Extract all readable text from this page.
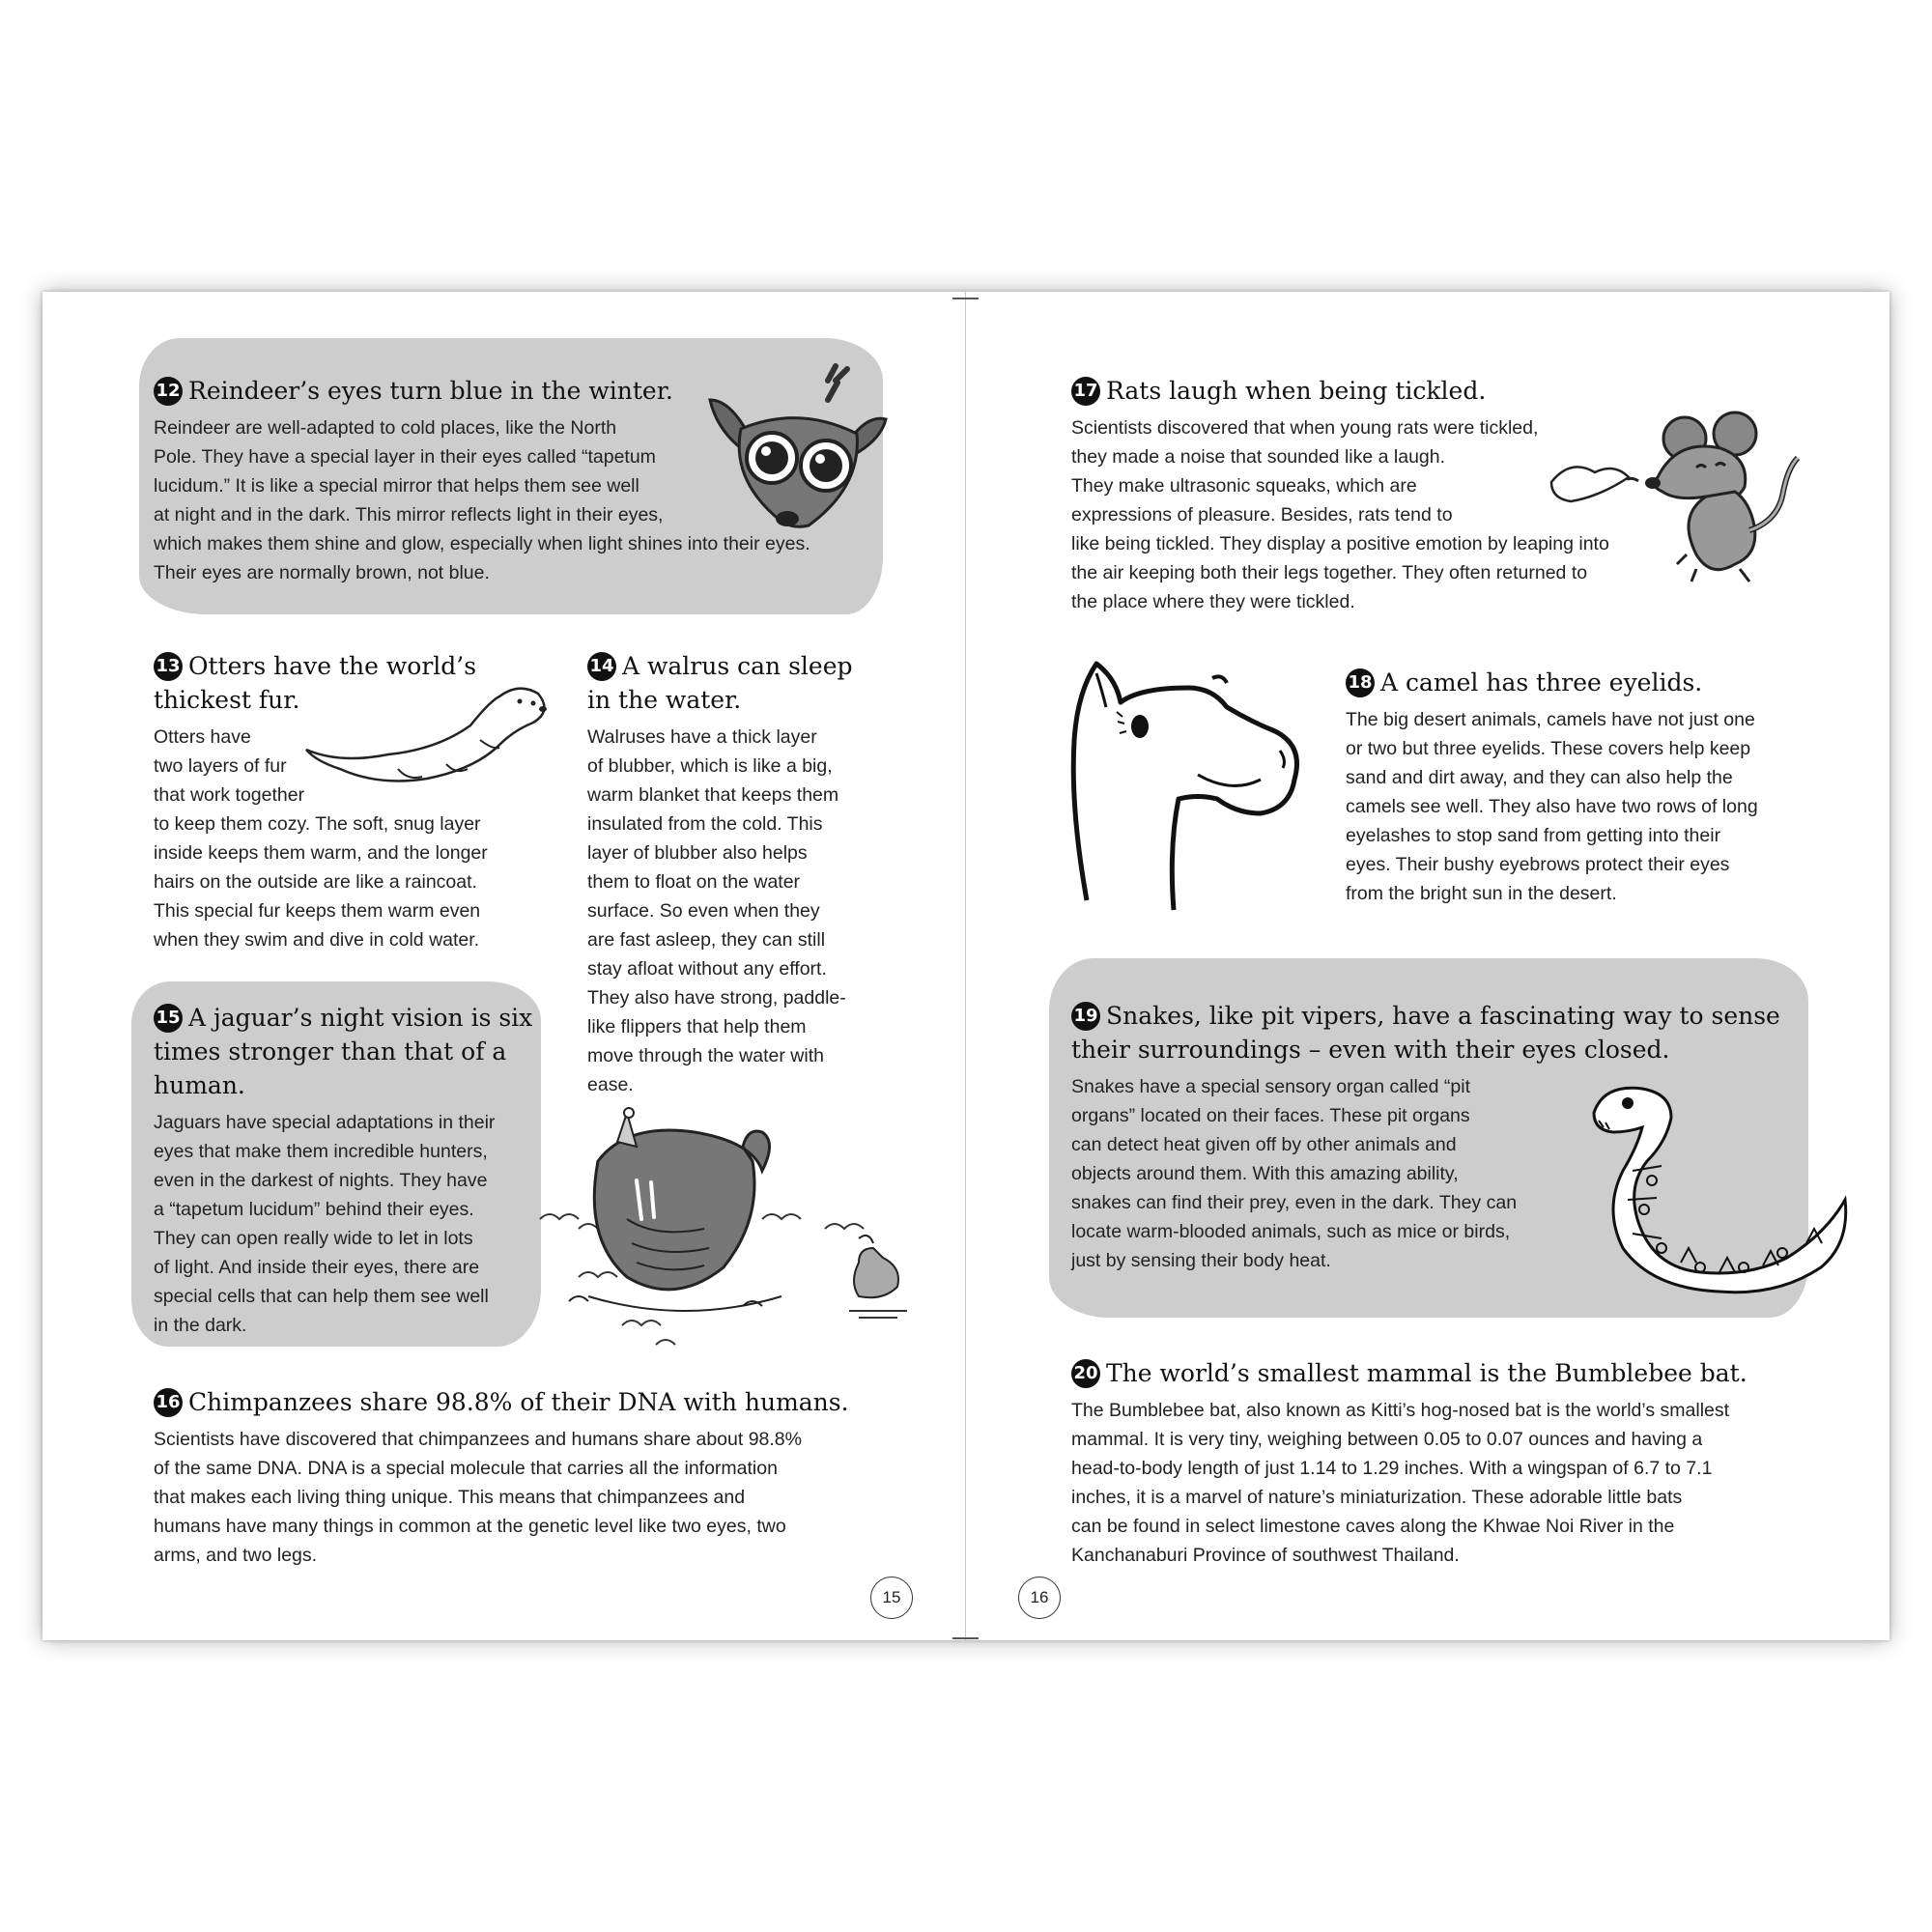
12 Reindeer’s eyes turn blue in the winter.
Reindeer are well-adapted to cold places, like the North
Pole. They have a special layer in their eyes called “tapetum
lucidum.” It is like a special mirror that helps them see well
at night and in the dark. This mirror reflects light in their eyes,
which makes them shine and glow, especially when light shines into their eyes.
Their eyes are normally brown, not blue.
13 Otters have the world’s
thickest fur.
Otters have
two layers of fur
that work together
to keep them cozy. The soft, snug layer
inside keeps them warm, and the longer
hairs on the outside are like a raincoat.
This special fur keeps them warm even
when they swim and dive in cold water.
14 A walrus can sleep
in the water.
Walruses have a thick layer
of blubber, which is like a big,
warm blanket that keeps them
insulated from the cold. This
layer of blubber also helps
them to float on the water
surface. So even when they
are fast asleep, they can still
stay afloat without any effort.
They also have strong, paddle-
like flippers that help them
move through the water with
ease.
15 A jaguar’s night vision is six
times stronger than that of a
human.
Jaguars have special adaptations in their
eyes that make them incredible hunters,
even in the darkest of nights. They have
a “tapetum lucidum” behind their eyes.
They can open really wide to let in lots
of light. And inside their eyes, there are
special cells that can help them see well
in the dark.
16 Chimpanzees share 98.8% of their DNA with humans.
Scientists have discovered that chimpanzees and humans share about 98.8%
of the same DNA. DNA is a special molecule that carries all the information
that makes each living thing unique. This means that chimpanzees and
humans have many things in common at the genetic level like two eyes, two
arms, and two legs.
15
17 Rats laugh when being tickled.
Scientists discovered that when young rats were tickled,
they made a noise that sounded like a laugh.
They make ultrasonic squeaks, which are
expressions of pleasure. Besides, rats tend to
like being tickled. They display a positive emotion by leaping into
the air keeping both their legs together. They often returned to
the place where they were tickled.
18 A camel has three eyelids.
The big desert animals, camels have not just one
or two but three eyelids. These covers help keep
sand and dirt away, and they can also help the
camels see well. They also have two rows of long
eyelashes to stop sand from getting into their
eyes. Their bushy eyebrows protect their eyes
from the bright sun in the desert.
19 Snakes, like pit vipers, have a fascinating way to sense
their surroundings – even with their eyes closed.
Snakes have a special sensory organ called “pit
organs” located on their faces. These pit organs
can detect heat given off by other animals and
objects around them. With this amazing ability,
snakes can find their prey, even in the dark. They can
locate warm-blooded animals, such as mice or birds,
just by sensing their body heat.
20 The world’s smallest mammal is the Bumblebee bat.
The Bumblebee bat, also known as Kitti’s hog-nosed bat is the world’s smallest
mammal. It is very tiny, weighing between 0.05 to 0.07 ounces and having a
head-to-body length of just 1.14 to 1.29 inches. With a wingspan of 6.7 to 7.1
inches, it is a marvel of nature’s miniaturization. These adorable little bats
can be found in select limestone caves along the Khwae Noi River in the
Kanchanaburi Province of southwest Thailand.
16
